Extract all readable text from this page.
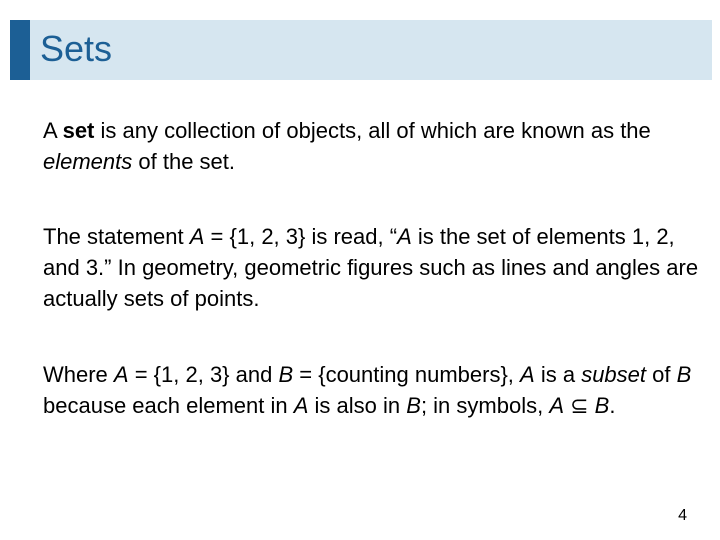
Sets

A set is any collection of objects, all of which are known as the elements of the set.

The statement A = {1, 2, 3} is read, “A is the set of elements 1, 2, and 3.” In geometry, geometric figures such as lines and angles are actually sets of points.

Where A = {1, 2, 3} and B = {counting numbers}, A is a subset of B because each element in A is also in B; in symbols, A ⊆ B.

4
